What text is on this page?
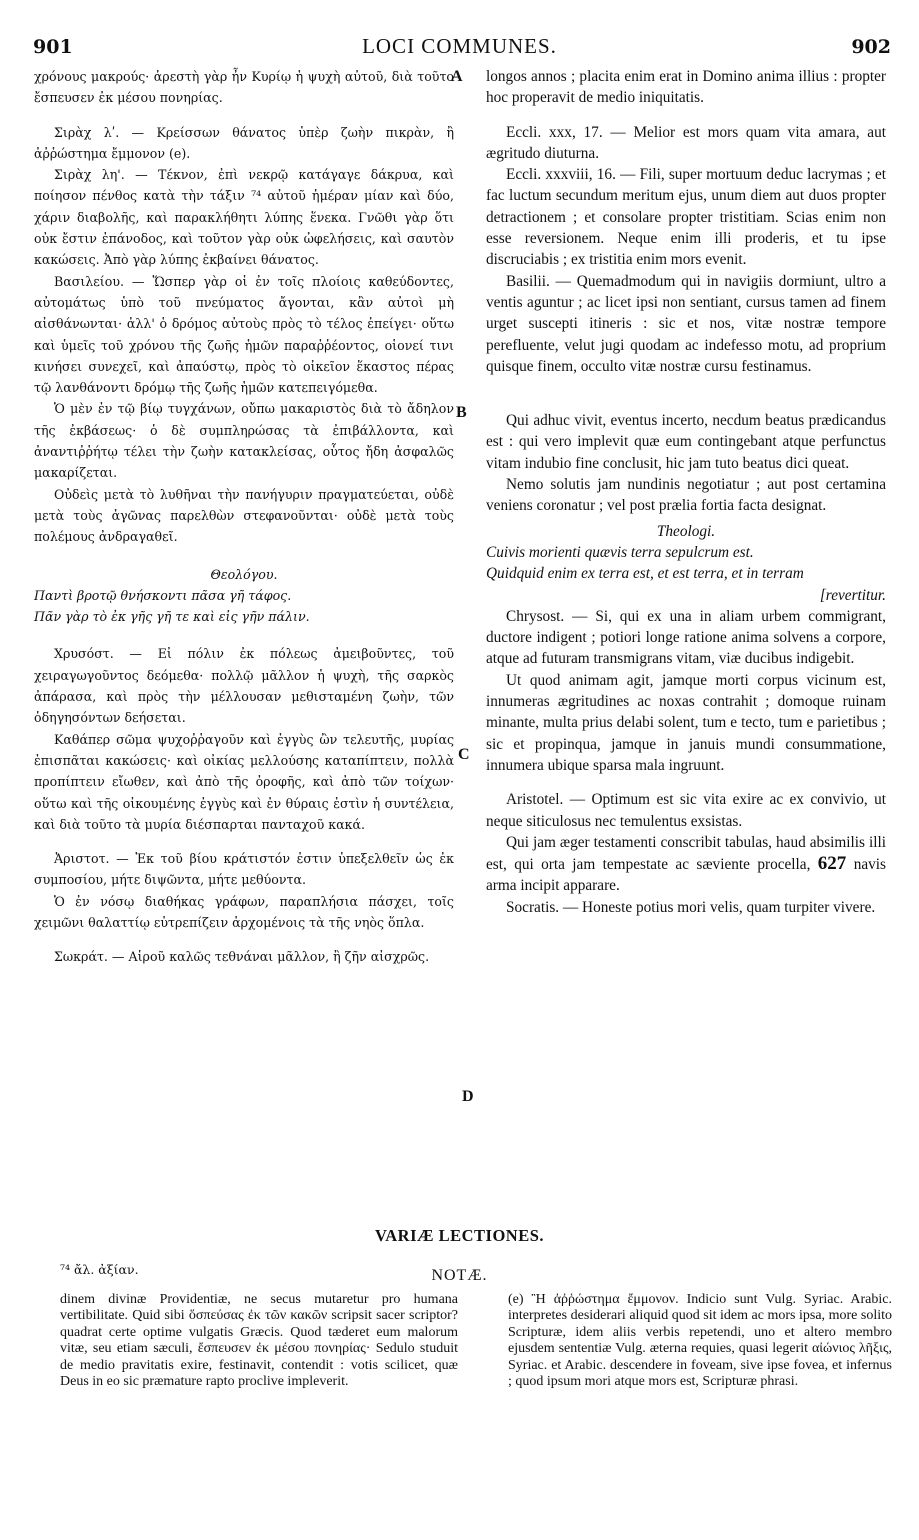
901	LOCI COMMUNES.	902

χρόνους μακρούς· ἀρεστὴ γὰρ ἦν Κυρίῳ ἡ ψυχὴ αὐτοῦ, διὰ τοῦτο ἔσπευσεν ἐκ μέσου πονηρίας.

Σιρὰχ λʹ. — Κρείσσων θάνατος ὑπὲρ ζωὴν πικρὰν, ἢ ἀῤῥώστημα ἔμμονον (e).

Σιρὰχ λη'. — Τέκνον, ἐπὶ νεκρῷ κατάγαγε δάκρυα, καὶ ποίησον πένθος κατὰ τὴν τάξιν ⁷⁴ αὐτοῦ ἡμέραν μίαν καὶ δύο, χάριν διαβολῆς, καὶ παρακλήθητι λύπης ἕνεκα. Γνῶθι γὰρ ὅτι οὐκ ἔστιν ἐπάνοδος, καὶ τοῦτον γὰρ οὐκ ὠφελήσεις, καὶ σαυτὸν κακώσεις. Ἀπὸ γὰρ λύπης ἐκβαίνει θάνατος.

Βασιλείου. — Ὥσπερ γὰρ οἱ ἐν τοῖς πλοίοις καθεύδοντες, αὐτομάτως ὑπὸ τοῦ πνεύματος ἄγονται, κἂν αὐτοὶ μὴ αἰσθάνωνται· ἀλλ' ὁ δρόμος αὐτοὺς πρὸς τὸ τέλος ἐπείγει· οὕτω καὶ ὑμεῖς τοῦ χρόνου τῆς ζωῆς ἡμῶν παραῤῥέοντος, οἱονεί τινι κινήσει συνεχεῖ, καὶ ἀπαύστῳ, πρὸς τὸ οἰκεῖον ἕκαστος πέρας τῷ λανθάνοντι δρόμῳ τῆς ζωῆς ἡμῶν κατεπειγόμεθα.

Ὁ μὲν ἐν τῷ βίῳ τυγχάνων, οὔπω μακαριστὸς διὰ τὸ ἄδηλον τῆς ἐκβάσεως· ὁ δὲ συμπληρώσας τὰ ἐπιβάλλοντα, καὶ ἀναντιῤῥήτῳ τέλει τὴν ζωὴν κατακλείσας, οὗτος ἤδη ἀσφαλῶς μακαρίζεται.

Οὐδεὶς μετὰ τὸ λυθῆναι τὴν πανήγυριν πραγματεύεται, οὐδὲ μετὰ τοὺς ἀγῶνας παρελθὼν στεφανοῦνται· οὐδὲ μετὰ τοὺς πολέμους ἀνδραγαθεῖ.

Θεολόγου.

Παντὶ βροτῷ θνήσκοντι πᾶσα γῆ τάφος.

Πᾶν γὰρ τὸ ἐκ γῆς γῆ τε καὶ εἰς γῆν πάλιν.

Χρυσόστ. — Εἰ πόλιν ἐκ πόλεως ἀμειβοῦντες, τοῦ χειραγωγοῦντος δεόμεθα· πολλῷ μᾶλλον ἡ ψυχὴ, τῆς σαρκὸς ἀπάρασα, καὶ πρὸς τὴν μέλλουσαν μεθισταμένη ζωὴν, τῶν ὁδηγησόντων δεήσεται.

Καθάπερ σῶμα ψυχοῤῥαγοῦν καὶ ἐγγὺς ὢν τελευτῆς, μυρίας ἐπισπᾶται κακώσεις· καὶ οἰκίας μελλούσης καταπίπτειν, πολλὰ προπίπτειν εἴωθεν, καὶ ἀπὸ τῆς ὀροφῆς, καὶ ἀπὸ τῶν τοίχων· οὕτω καὶ τῆς οἰκουμένης ἐγγὺς καὶ ἐν θύραις ἐστὶν ἡ συντέλεια, καὶ διὰ τοῦτο τὰ μυρία διέσπαρται πανταχοῦ κακά.

Ἀριστοτ. — Ἐκ τοῦ βίου κράτιστόν ἐστιν ὑπεξελθεῖν ὡς ἐκ συμποσίου, μήτε διψῶντα, μήτε μεθύοντα.

Ὁ ἐν νόσῳ διαθήκας γράφων, παραπλήσια πάσχει, τοῖς χειμῶνι θαλαττίῳ εὐτρεπίζειν ἀρχομένοις τὰ τῆς νηὸς ὅπλα.

Σωκράτ. — Αἱροῦ καλῶς τεθνάναι μᾶλλον, ἢ ζῆν αἰσχρῶς.

longos annos ; placita enim erat in Domino anima illius : propter hoc properavit de medio iniquitatis.

Eccli. xxx, 17. — Melior est mors quam vita amara, aut ægritudo diuturna.

Eccli. xxxviii, 16. — Fili, super mortuum deduc lacrymas ; et fac luctum secundum meritum ejus, unum diem aut duos propter detractionem ; et consolare propter tristitiam. Scias enim non esse reversionem. Neque enim illi proderis, et tu ipse discruciabis ; ex tristitia enim mors evenit.

Basilii. — Quemadmodum qui in navigiis dormiunt, ultro a ventis aguntur ; ac licet ipsi non sentiant, cursus tamen ad finem urget suscepti itineris : sic et nos, vitæ nostræ tempore perefluente, velut jugi quodam ac indefesso motu, ad proprium quisque finem, occulto vitæ nostræ cursu festinamus.

Qui adhuc vivit, eventus incerto, necdum beatus prædicandus est : qui vero implevit quæ eum contingebant atque perfunctus vitam indubio fine conclusit, hic jam tuto beatus dici queat.

Nemo solutis jam nundinis negotiatur ; aut post certamina veniens coronatur ; vel post prælia fortia facta designat.

Theologi.

Cuivis morienti quævis terra sepulcrum est.

Quidquid enim ex terra est, et est terra, et in terram

[revertitur.

Chrysost. — Si, qui ex una in aliam urbem commigrant, ductore indigent ; potiori longe ratione anima solvens a corpore, atque ad futuram transmigrans vitam, viæ ducibus indigebit.

Ut quod animam agit, jamque morti corpus vicinum est, innumeras ægritudines ac noxas contrahit ; domoque ruinam minante, multa prius delabi solent, tum e tecto, tum e parietibus ; sic et propinqua, jamque in januis mundi consummatione, innumera ubique sparsa mala ingruunt.

Aristotel. — Optimum est sic vita exire ac ex convivio, ut neque siticulosus nec temulentus exsistas.

Qui jam æger testamenti conscribit tabulas, haud absimilis illi est, qui orta jam tempestate ac sæviente procella, 627 navis arma incipit apparare.

Socratis. — Honeste potius mori velis, quam turpiter vivere.

A
B
C
D
VARIÆ LECTIONES.
⁷⁴ ἄλ. ἀξίαν.	NOTÆ.

dinem divinæ Providentiæ, ne secus mutaretur pro humana vertibilitate. Quid sibi ὅσπεύσας ἐκ τῶν κακῶν scripsit sacer scriptor? quadrat certe optime vulgatis Græcis. Quod tæderet eum malorum vitæ, seu etiam sæculi, ἔσπευσεν ἐκ μέσου πονηρίας· Sedulo studuit de medio pravitatis exire, festinavit, contendit : votis scilicet, quæ Deus in eo sic præmature rapto proclive impleverit.

(e) Ἢ ἀῤῥώστημα ἔμμονον. Indicio sunt Vulg. Syriac. Arabic. interpretes desiderari aliquid quod sit idem ac mors ipsa, more solito Scripturæ, idem aliis verbis repetendi, uno et altero membro ejusdem sententiæ Vulg. æterna requies, quasi legerit αἰώνιος λῆξις, Syriac. et Arabic. descendere in foveam, sive ipse fovea, et infernus ; quod ipsum mori atque mors est, Scripturæ phrasi.
